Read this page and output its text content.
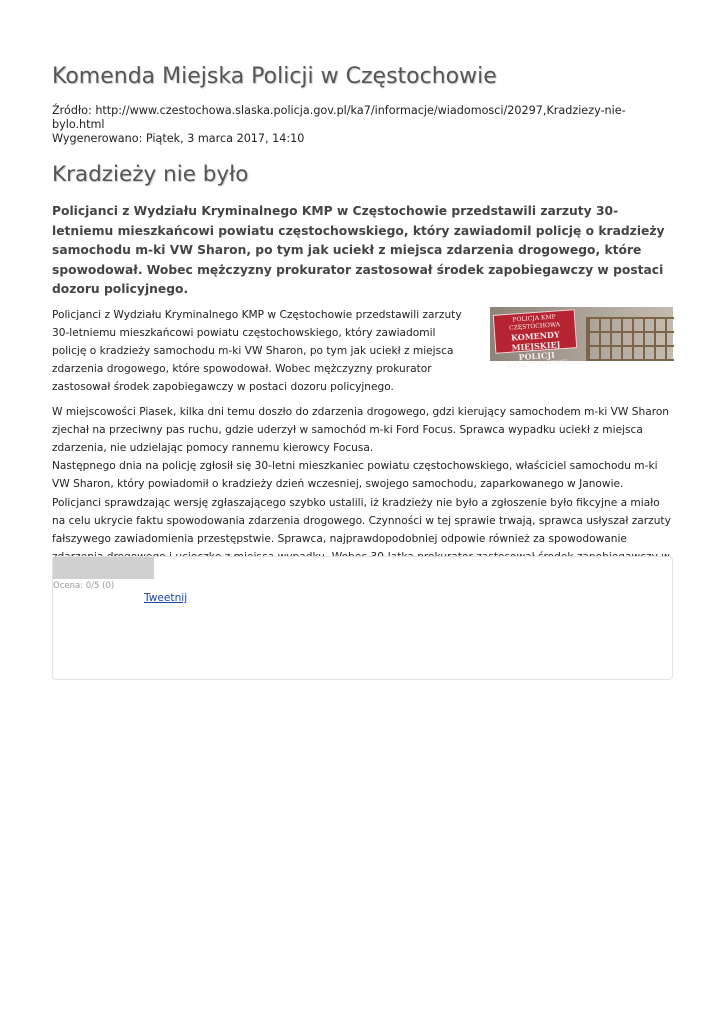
Komenda Miejska Policji w Częstochowie
Źródło: http://www.czestochowa.slaska.policja.gov.pl/ka7/informacje/wiadomosci/20297,Kradziezy-nie-bylo.html
Wygenerowano: Piątek, 3 marca 2017, 14:10
Kradzieży nie było
Policjanci z Wydziału Kryminalnego KMP w Częstochowie przedstawili zarzuty 30-letniemu mieszkańcowi powiatu częstochowskiego, który zawiadomil policję o kradzieży samochodu m-ki VW Sharon, po tym jak uciekł z miejsca zdarzenia drogowego, które spowodował. Wobec mężczyzny prokurator zastosował środek zapobiegawczy w postaci dozoru policyjnego.
Policjanci z Wydziału Kryminalnego KMP w Częstochowie przedstawili zarzuty 30-letniemu mieszkańcowi powiatu częstochowskiego, który zawiadomil policję o kradzieży samochodu m-ki VW Sharon, po tym jak uciekł z miejsca zdarzenia drogowego, które spowodował. Wobec mężczyzny prokurator zastosował środek zapobiegawczy w postaci dozoru policyjnego.
POLICJA KMP CZĘSTOCHOWA
KOMENDY MIEJSKIEJ
POLICJI
w CZĘSTOCHOWIE

W miejscowości Piasek, kilka dni temu doszło do zdarzenia drogowego, gdzi kierujący samochodem m-ki VW Sharon zjechał na przeciwny pas ruchu, gdzie uderzył w samochód m-ki Ford Focus. Sprawca wypadku uciekł z miejsca zdarzenia, nie udzielając pomocy rannemu kierowcy Focusa.

Następnego dnia na policję zgłosił się 30-letni mieszkaniec powiatu częstochowskiego, właściciel samochodu m-ki VW Sharon, który powiadomił o kradzieży dzień wczesniej, swojego samochodu, zaparkowanego w Janowie. Policjanci sprawdzając wersję zgłaszającego szybko ustalili, iż kradzieży nie było a zgłoszenie było fikcyjne a miało na celu ukrycie faktu spowodowania zdarzenia drogowego. Czynności w tej sprawie trwają, sprawca usłyszał zarzuty fałszywego zawiadomienia przestępstwie. Sprawca, najprawdopodobniej odpowie również za spowodowanie

Ocena: 0/5 (0)
Tweetnij
